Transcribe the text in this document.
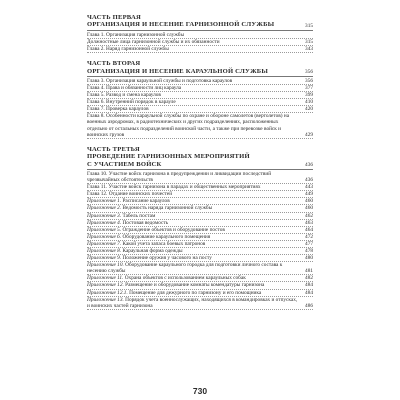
ЧАСТЬ ПЕРВАЯ
ОРГАНИЗАЦИЯ И НЕСЕНИЕ ГАРНИЗОННОЙ СЛУЖБЫ	315
Глава 1. Организация гарнизонной службы
Должностные лица гарнизонной службы и их обязанности	315
Глава 2. Наряд гарнизонной службы	343
ЧАСТЬ ВТОРАЯ
ОРГАНИЗАЦИЯ И НЕСЕНИЕ КАРАУЛЬНОЙ СЛУЖБЫ	356
Глава 3. Организация караульной службы и подготовка караулов	356
Глава 4. Права и обязанности лиц караула	377
Глава 5. Развод и смена караулов	399
Глава 6. Внутренний порядок в карауле	410
Глава 7. Проверка караулов	420
Глава 8. Особенности караульной службы по охране и обороне самолетов (вертолетов) на военных аэродромах, в радиотехнических и других подразделениях, расположенных отдельно от остальных подразделений воинской части, а также при перевозке войск и воинских грузов	429
ЧАСТЬ ТРЕТЬЯ
ПРОВЕДЕНИЕ ГАРНИЗОННЫХ МЕРОПРИЯТИЙ
С УЧАСТИЕМ ВОЙСК	436
Глава 10. Участие войск гарнизона в предупреждении и ликвидации последствий чрезвычайных обстоятельств	436
Глава 11. Участие войск гарнизона в парадах и общественных мероприятиях	443
Глава 12. Отдание воинских почестей	449
Приложение 1. Расписание караулов	460
Приложение 2. Ведомость наряда гарнизонной службы	460
Приложение 3. Табель постам	462
Приложение 4. Постовая ведомость	463
Приложение 5. Ограждение объектов и оборудование постов	464
Приложение 6. Оборудование караульного помещения	472
Приложение 7. Какой учета запаса боевых патронов	477
Приложение 8. Караульная форма одежды	478
Приложение 9. Положение оружия у часового на посту	480
Приложение 10. Оборудование караульного городка для подготовки личного состава к несению службы	481
Приложение 11. Охрана объектов с использованием караульных собак	482
Приложение 12. Размещение и оборудование комнаты комендатуры гарнизона	484
Приложение 12.1. Помещение для дежурного по гарнизону и его помощника	484
Приложение 13. Порядок учета военнослужащих, находящихся в командировках и отпусках, и воинских частей гарнизона	486
730
